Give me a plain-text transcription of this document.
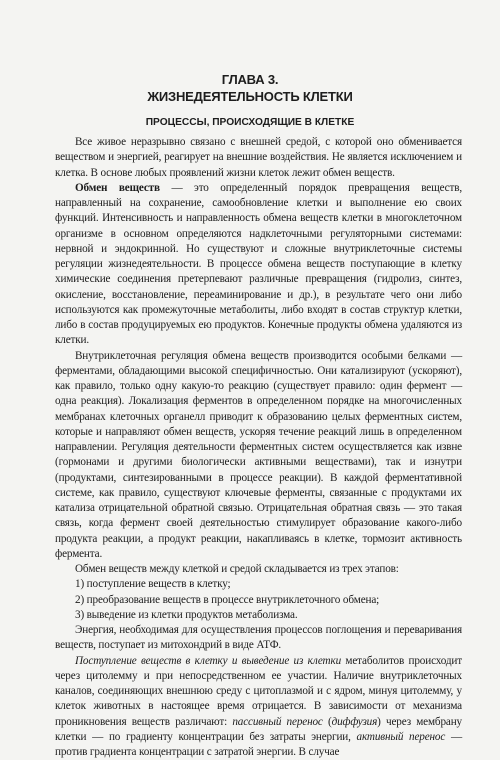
ГЛАВА 3.
ЖИЗНЕДЕЯТЕЛЬНОСТЬ КЛЕТКИ
ПРОЦЕССЫ, ПРОИСХОДЯЩИЕ В КЛЕТКЕ

Все живое неразрывно связано с внешней средой, с которой оно обменивается веществом и энергией, реагирует на внешние воздействия. Не является исключением и клетка. В основе любых проявлений жизни клеток лежит обмен веществ.

Обмен веществ — это определенный порядок превращения веществ, направленный на сохранение, самообновление клетки и выполнение ею своих функций. Интенсивность и направленность обмена веществ клетки в многоклеточном организме в основном определяются надклеточными регуляторными системами: нервной и эндокринной. Но существуют и сложные внутриклеточные системы регуляции жизнедеятельности. В процессе обмена веществ поступающие в клетку химические соединения претерпевают различные превращения (гидролиз, синтез, окисление, восстановление, переаминирование и др.), в результате чего они либо используются как промежуточные метаболиты, либо входят в состав структур клетки, либо в состав продуцируемых ею продуктов. Конечные продукты обмена удаляются из клетки.

Внутриклеточная регуляция обмена веществ производится особыми белками — ферментами, обладающими высокой специфичностью. Они катализируют (ускоряют), как правило, только одну какую-то реакцию (существует правило: один фермент — одна реакция). Локализация ферментов в определенном порядке на многочисленных мембранах клеточных органелл приводит к образованию целых ферментных систем, которые и направляют обмен веществ, ускоряя течение реакций лишь в определенном направлении. Регуляция деятельности ферментных систем осуществляется как извне (гормонами и другими биологически активными веществами), так и изнутри (продуктами, синтезированными в процессе реакции). В каждой ферментативной системе, как правило, существуют ключевые ферменты, связанные с продуктами их катализа отрицательной обратной связью. Отрицательная обратная связь — это такая связь, когда фермент своей деятельностью стимулирует образование какого-либо продукта реакции, а продукт реакции, накапливаясь в клетке, тормозит активность фермента.

Обмен веществ между клеткой и средой складывается из трех этапов:

1) поступление веществ в клетку;
2) преобразование веществ в процессе внутриклеточного обмена;
3) выведение из клетки продуктов метаболизма.

Энергия, необходимая для осуществления процессов поглощения и переваривания веществ, поступает из митохондрий в виде АТФ.

Поступление веществ в клетку и выведение из клетки метаболитов происходит через цитолемму и при непосредственном ее участии. Наличие внутриклеточных каналов, соединяющих внешнюю среду с цитоплазмой и с ядром, минуя цитолемму, у клеток животных в настоящее время отрицается. В зависимости от механизма проникновения веществ различают: пассивный перенос (диффузия) через мембрану клетки — по градиенту концентрации без затраты энергии, активный перенос — против градиента концентрации с затратой энергии. В случае
